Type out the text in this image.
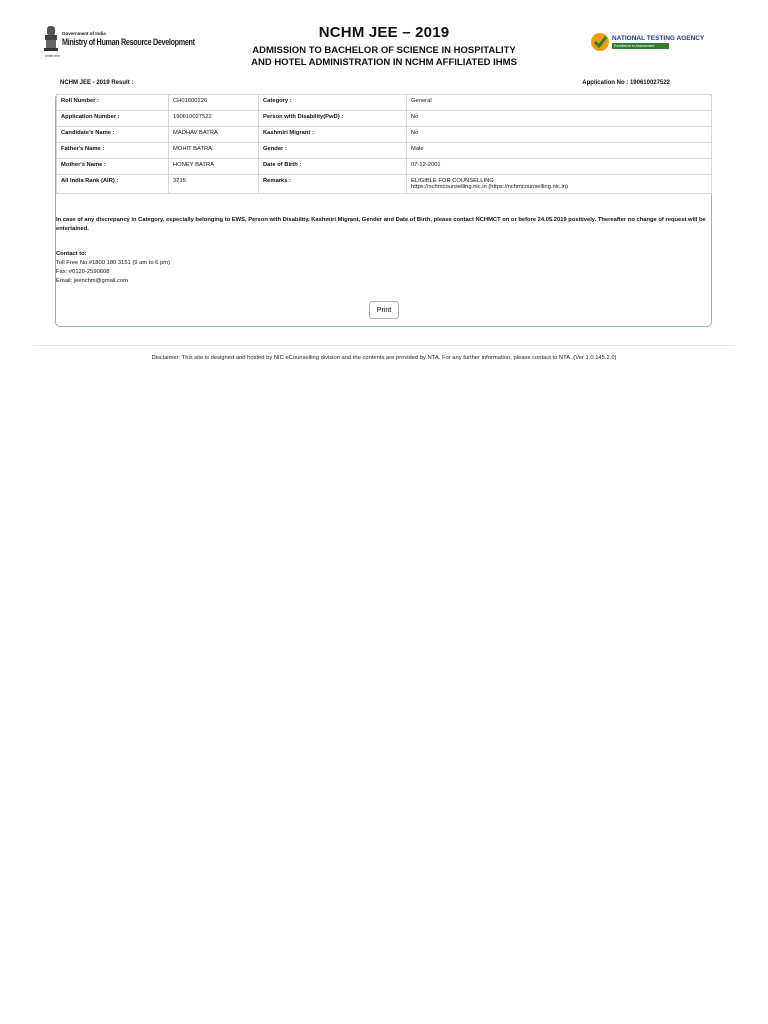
Government of India
Ministry of Human Resource Development
सत्यमेव जयते
NCHM JEE – 2019
ADMISSION TO BACHELOR OF SCIENCE IN HOSPITALITY
AND HOTEL ADMINISTRATION IN NCHM AFFILIATED IHMS
NATIONAL TESTING AGENCY
Excellence in Assessment
NCHM JEE - 2019 Result :	Application No : 190610027522
Roll Number :	CH01600226	Category :	General
Application Number :	190610027522	Person with Disability(PwD) :	No
Candidate's Name :	MADHAV BATRA	Kashmiri Migrant :	No
Father's Name :	MOHIT BATRA	Gender :	Male
Mother's Name :	HONEY BATRA	Date of Birth :	07-12-2001
All India Rank (AIR) :	3215	Remarks :	ELIGIBLE FOR COUNSELLING
https://nchmcounselling.nic.in (https://nchmcounselling.nic.in)
In case of any discrepancy in Category, especially belonging to EWS, Person with Disability, Kashmiri Migrant, Gender and Date of Birth, please contact NCHMCT on or before 24.05.2019 positively. Thereafter no change of request will be entertained.
Contact to:
Toll Free No.#1800 180 3151 (9 am to 6 pm)
Fax: #0120-2590608
Email: jeenchm@gmail.com
Print
Disclaimer: This site is designed and hosted by NIC eCounselling division and the contents are provided by NTA. For any further information, please contact to NTA. (Ver 1.0.145.2.0)
